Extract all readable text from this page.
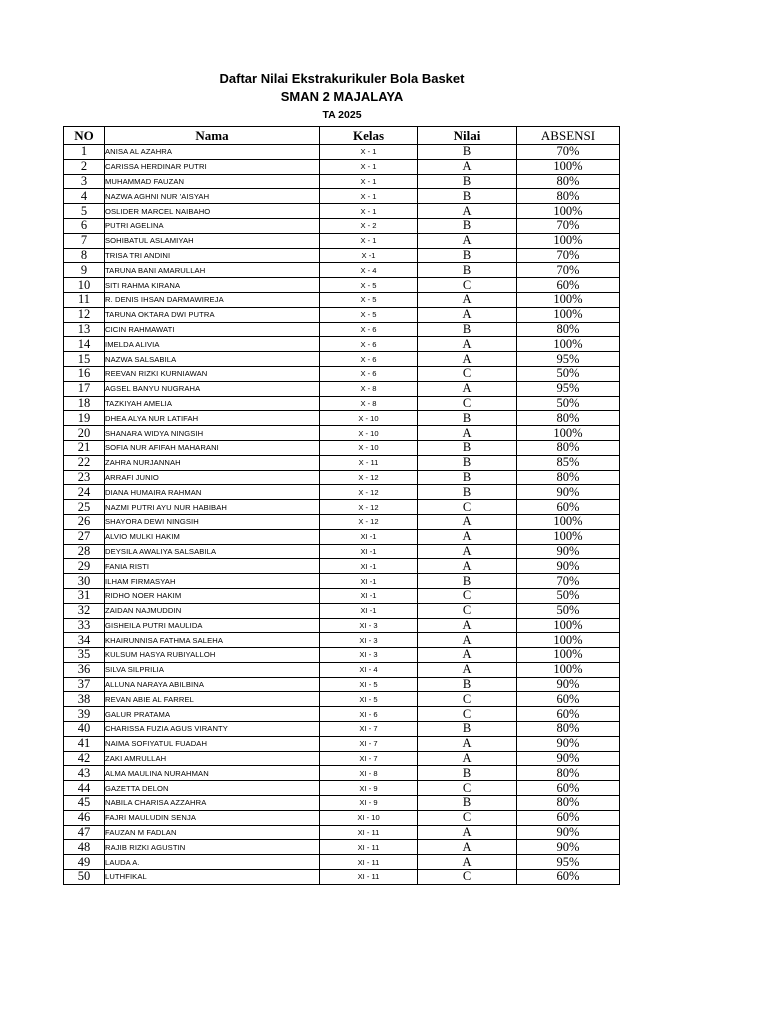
Daftar Nilai Ekstrakurikuler Bola Basket
SMAN 2 MAJALAYA
TA 2025
NO	Nama	Kelas	Nilai	ABSENSI
1	ANISA AL AZAHRA	X - 1	B	70%
2	CARISSA HERDINAR PUTRI	X - 1	A	100%
3	MUHAMMAD FAUZAN	X - 1	B	80%
4	NAZWA AGHNI NUR 'AISYAH	X - 1	B	80%
5	OSLIDER MARCEL NAIBAHO	X - 1	A	100%
6	PUTRI AGELINA	X - 2	B	70%
7	SOHIBATUL ASLAMIYAH	X - 1	A	100%
8	TRISA TRI ANDINI	X -1	B	70%
9	TARUNA BANI AMARULLAH	X - 4	B	70%
10	SITI RAHMA KIRANA	X - 5	C	60%
11	R. DENIS IHSAN DARMAWIREJA	X - 5	A	100%
12	TARUNA OKTARA DWI PUTRA	X - 5	A	100%
13	CICIN RAHMAWATI	X - 6	B	80%
14	IMELDA ALIVIA	X - 6	A	100%
15	NAZWA SALSABILA	X - 6	A	95%
16	REEVAN RIZKI KURNIAWAN	X - 6	C	50%
17	AGSEL BANYU NUGRAHA	X - 8	A	95%
18	TAZKIYAH AMELIA	X - 8	C	50%
19	DHEA ALYA NUR LATIFAH	X - 10	B	80%
20	SHANARA WIDYA NINGSIH	X - 10	A	100%
21	SOFIA NUR AFIFAH MAHARANI	X - 10	B	80%
22	ZAHRA NURJANNAH	X - 11	B	85%
23	ARRAFI JUNIO	X - 12	B	80%
24	DIANA HUMAIRA RAHMAN	X - 12	B	90%
25	NAZMI PUTRI AYU NUR HABIBAH	X - 12	C	60%
26	SHAYORA DEWI NINGSIH	X - 12	A	100%
27	ALVIO MULKI HAKIM	XI -1	A	100%
28	DEYSILA AWALIYA SALSABILA	XI -1	A	90%
29	FANIA RISTI	XI -1	A	90%
30	ILHAM FIRMASYAH	XI -1	B	70%
31	RIDHO NOER HAKIM	XI -1	C	50%
32	ZAIDAN NAJMUDDIN	XI -1	C	50%
33	GISHEILA PUTRI MAULIDA	XI - 3	A	100%
34	KHAIRUNNISA FATHMA SALEHA	XI - 3	A	100%
35	KULSUM HASYA RUBIYALLOH	XI - 3	A	100%
36	SILVA SILPRILIA	XI - 4	A	100%
37	ALLUNA NARAYA ABILBINA	XI - 5	B	90%
38	REVAN ABIE AL FARREL	XI - 5	C	60%
39	GALUR PRATAMA	XI - 6	C	60%
40	CHARISSA FUZIA AGUS VIRANTY	XI - 7	B	80%
41	NAIMA SOFIYATUL FUADAH	XI - 7	A	90%
42	ZAKI AMRULLAH	XI - 7	A	90%
43	ALMA MAULINA NURAHMAN	XI - 8	B	80%
44	GAZETTA DELON	XI - 9	C	60%
45	NABILA CHARISA AZZAHRA	XI - 9	B	80%
46	FAJRI MAULUDIN SENJA	XI - 10	C	60%
47	FAUZAN M FADLAN	XI - 11	A	90%
48	RAJIB RIZKI AGUSTIN	XI - 11	A	90%
49	LAUDA A.	XI - 11	A	95%
50	LUTHFIKAL	XI - 11	C	60%
